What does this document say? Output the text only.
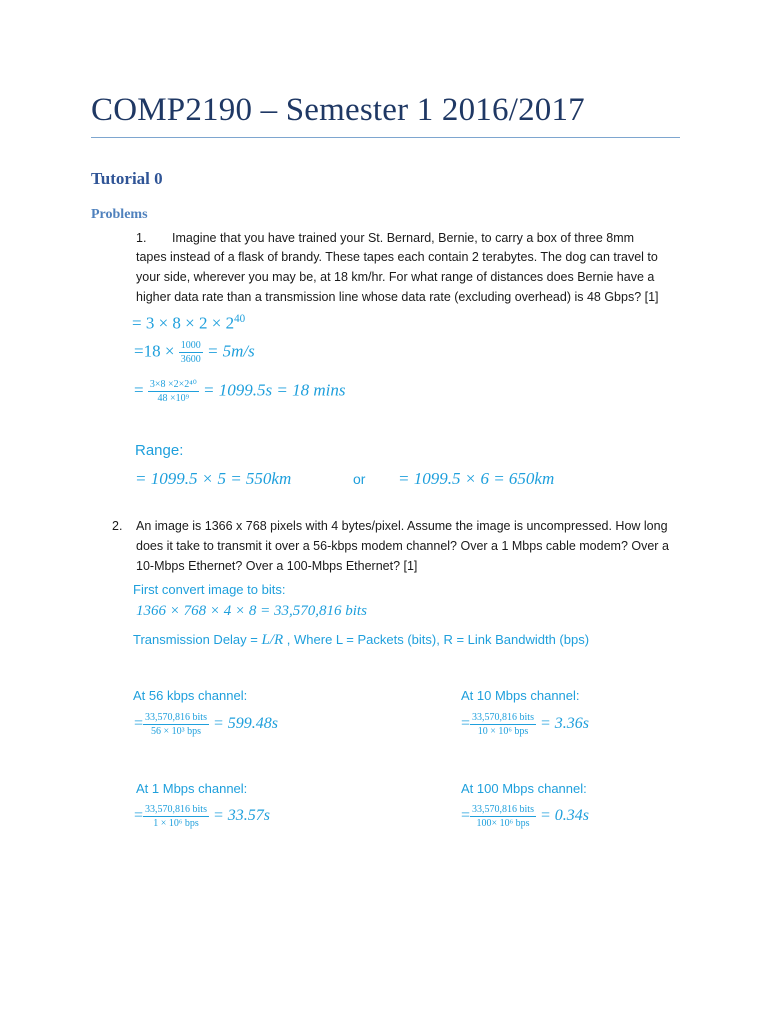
COMP2190 – Semester 1 2016/2017
Tutorial 0
Problems
1. Imagine that you have trained your St. Bernard, Bernie, to carry a box of three 8mm
tapes instead of a flask of brandy. These tapes each contain 2 terabytes. The dog can travel to
your side, wherever you may be, at 18 km/hr. For what range of distances does Bernie have a
higher data rate than a transmission line whose data rate (excluding overhead) is 48 Gbps? [1]
= $3 \times 8 \times 2 \times 2^{40}$
$=18 \times \frac{1000}{3600} = 5m/s$
= $\frac{\text{3×8 ×2×2⁴⁰}}{\text{48 ×10⁹}} = 1099.5s = 18$ mins
Range:
= 1099.5 × 5 = 550km	or = 1099.5 × 6 = 650km
2. An image is 1366 x 768 pixels with 4 bytes/pixel. Assume the image is uncompressed. How long
does it take to transmit it over a 56-kbps modem channel? Over a 1 Mbps cable modem? Over a
10-Mbps Ethernet? Over a 100-Mbps Ethernet? [1]
First convert image to bits:
1366 × 768 × 4 × 8 = 33,570,816 bits
Transmission Delay = L/R , Where L = Packets (bits), R = Link Bandwidth (bps)
At 56 kbps channel:
= $\frac{\text{33,570,816 bits}}{\text{56 × 10³ bps}} = 599.48s$
At 10 Mbps channel:
= $\frac{\text{33,570,816 bits}}{\text{10 × 10⁶ bps}} = 3.36s$
At 1 Mbps channel:
= $\frac{\text{33,570,816 bits}}{\text{1 × 10⁶ bps}} = 33.57s$
At 100 Mbps channel:
= $\frac{\text{33,570,816 bits}}{\text{100× 10⁶ bps}} = 0.34s$
